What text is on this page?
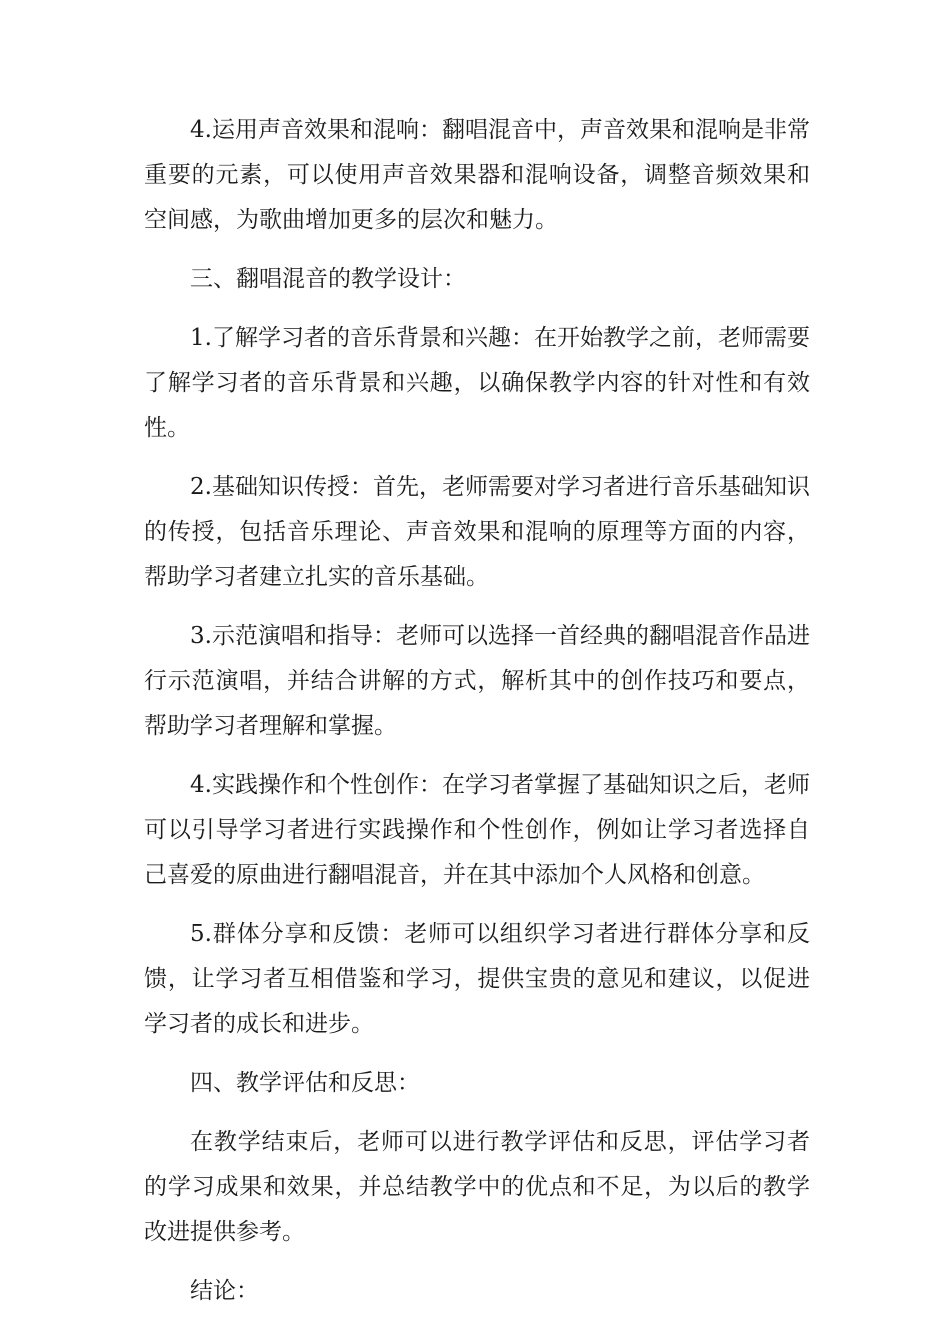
4.运用声音效果和混响：翻唱混音中，声音效果和混响是非常重要的元素，可以使用声音效果器和混响设备，调整音频效果和空间感，为歌曲增加更多的层次和魅力。

三、翻唱混音的教学设计：

1.了解学习者的音乐背景和兴趣：在开始教学之前，老师需要了解学习者的音乐背景和兴趣，以确保教学内容的针对性和有效性。

2.基础知识传授：首先，老师需要对学习者进行音乐基础知识的传授，包括音乐理论、声音效果和混响的原理等方面的内容，帮助学习者建立扎实的音乐基础。

3.示范演唱和指导：老师可以选择一首经典的翻唱混音作品进行示范演唱，并结合讲解的方式，解析其中的创作技巧和要点，帮助学习者理解和掌握。

4.实践操作和个性创作：在学习者掌握了基础知识之后，老师可以引导学习者进行实践操作和个性创作，例如让学习者选择自己喜爱的原曲进行翻唱混音，并在其中添加个人风格和创意。

5.群体分享和反馈：老师可以组织学习者进行群体分享和反馈，让学习者互相借鉴和学习，提供宝贵的意见和建议，以促进学习者的成长和进步。

四、教学评估和反思：

在教学结束后，老师可以进行教学评估和反思，评估学习者的学习成果和效果，并总结教学中的优点和不足，为以后的教学改进提供参考。

结论：
